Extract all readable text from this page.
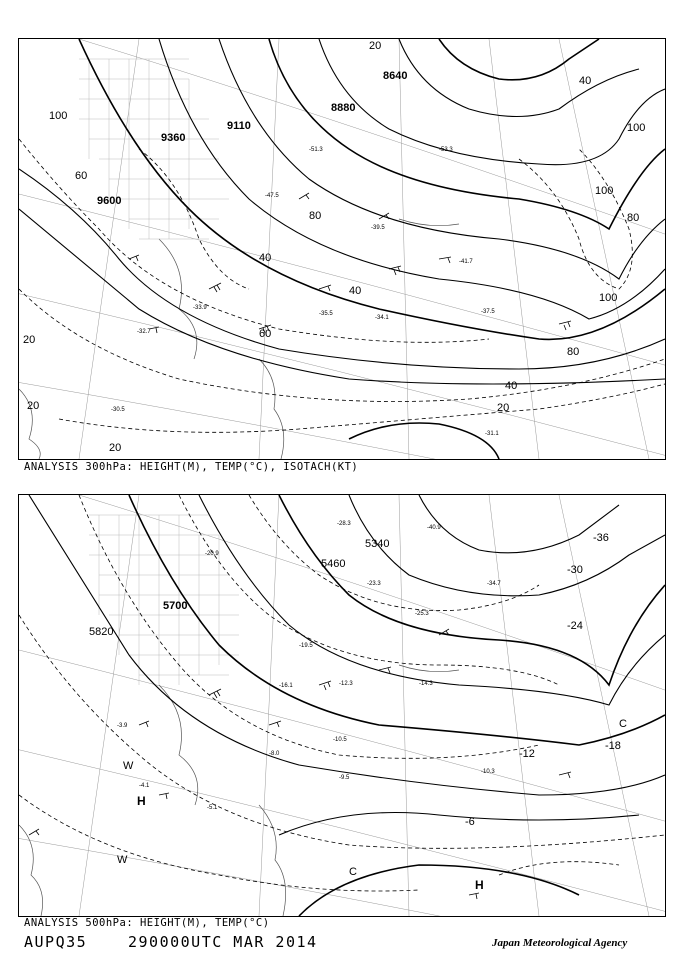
9600
9360
9110
8880
8640
20
100
60
40
80
20
40
100
100
80
100
80
40
20
60
40
20
20
-30.5
-32.7
-33.9
-34.1
-35.5	-37.5
-39.5
-41.7
-47.5
-51.3	-53.3
-31.1
ANALYSIS 300hPa: HEIGHT(M), TEMP(°C), ISOTACH(KT)
5820
5700
5460
5340
-6
-12
-18
-24
-30
-36
H
H
C
C
W
W
-3.9
-4.1
-5.1
-8.0
-9.5
-10.3
-10.5
-12.3	-14.3
-16.1
-19.5
-20.9
-23.3
-25.3
-28.3
-34.7
-40.9
ANALYSIS 500hPa: HEIGHT(M), TEMP(°C)
AUPQ35	290000UTC MAR 2014	Japan Meteorological Agency
